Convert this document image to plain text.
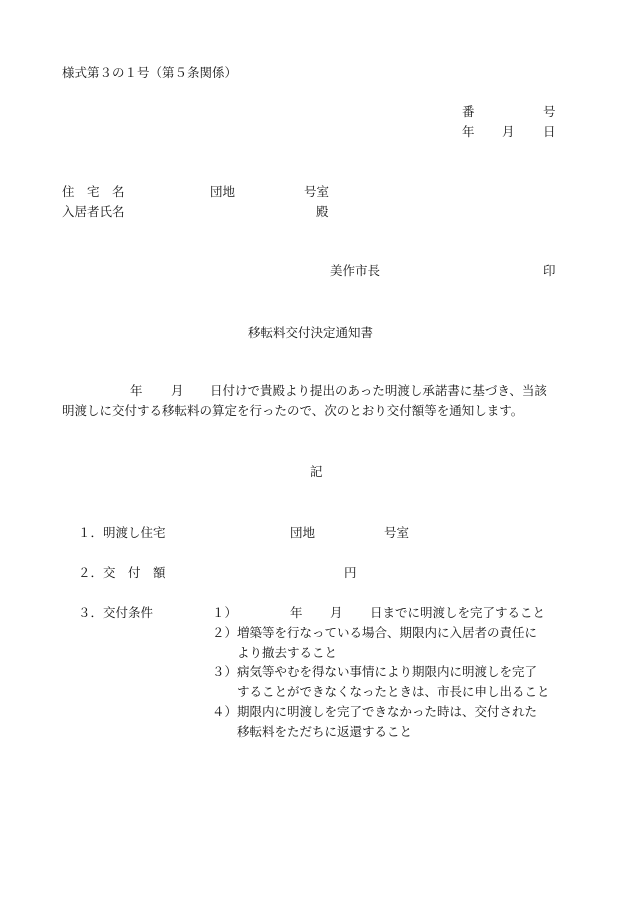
様式第３の１号（第５条関係）
番	号
年 月 日
住　宅　名	団地	号室
入居者氏名	殿
美作市長	印
移転料交付決定通知書
年 月 日付けで貴殿より提出のあった明渡し承諾書に基づき、当該
明渡しに交付する移転料の算定を行ったので、次のとおり交付額等を通知します。
記
１．明渡し住宅	団地	号室
２．交　付　額	円
３．交付条件	１）	年 月 日までに明渡しを完了すること
２） 増築等を行なっている場合、期限内に入居者の責任に
より撤去すること
３） 病気等やむを得ない事情により期限内に明渡しを完了
することができなくなったときは、市長に申し出ること
４） 期限内に明渡しを完了できなかった時は、交付された
移転料をただちに返還すること
